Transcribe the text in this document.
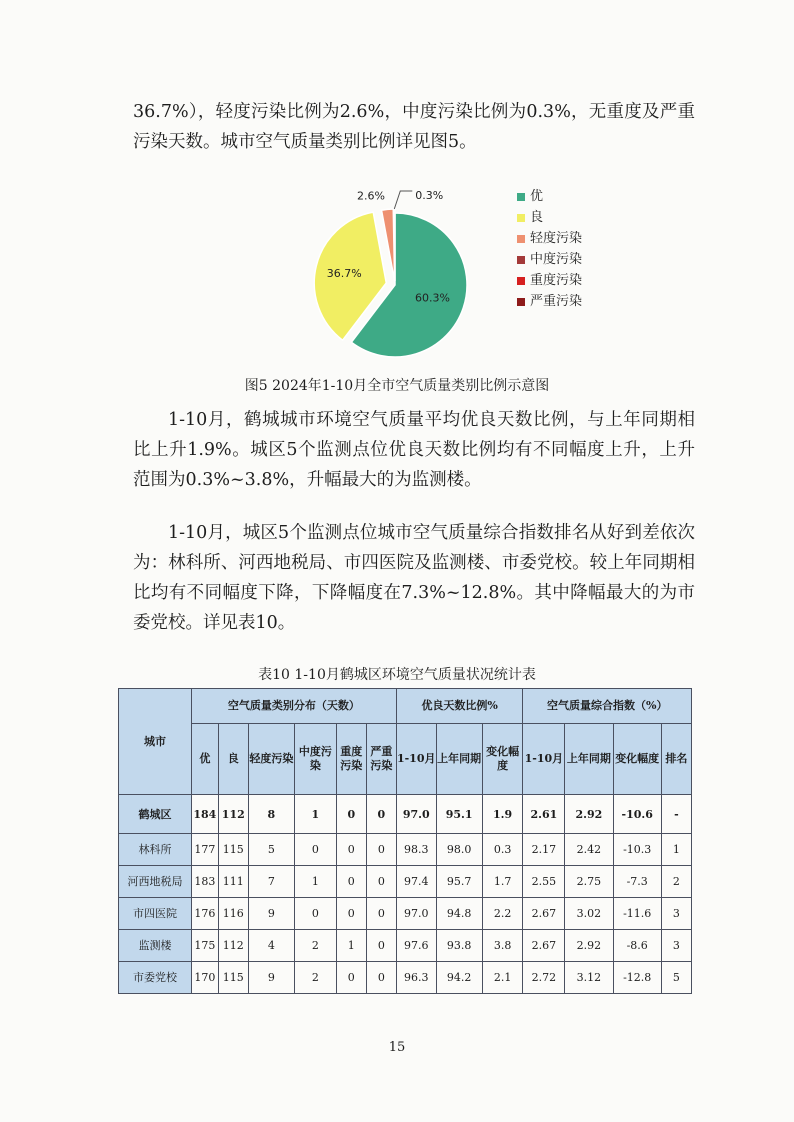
36.7%），轻度污染比例为2.6%，中度污染比例为0.3%，无重度及严重污染天数。城市空气质量类别比例详见图5。

60.3%
36.7%
2.6%	0.3%	优
良
轻度污染
中度污染
重度污染
严重污染

图5 2024年1-10月全市空气质量类别比例示意图

1-10月，鹤城城市环境空气质量平均优良天数比例，与上年同期相比上升1.9%。城区5个监测点位优良天数比例均有不同幅度上升，上升范围为0.3%~3.8%，升幅最大的为监测楼。

1-10月，城区5个监测点位城市空气质量综合指数排名从好到差依次为：林科所、河西地税局、市四医院及监测楼、市委党校。较上年同期相比均有不同幅度下降，下降幅度在7.3%~12.8%。其中降幅最大的为市委党校。详见表10。

表10 1-10月鹤城区环境空气质量状况统计表

城市	空气质量类别分布（天数）						优良天数比例%			空气质量综合指数（%）			
	优	良	轻度污染	中度污染	重度污染	严重污染	1-10月	上年同期	变化幅度	1-10月	上年同期	变化幅度	排名
鹤城区	184	112	8	1	0	0	97.0	95.1	1.9	2.61	2.92	-10.6	-
林科所	177	115	5	0	0	0	98.3	98.0	0.3	2.17	2.42	-10.3	1
河西地税局	183	111	7	1	0	0	97.4	95.7	1.7	2.55	2.75	-7.3	2
市四医院	176	116	9	0	0	0	97.0	94.8	2.2	2.67	3.02	-11.6	3
监测楼	175	112	4	2	1	0	97.6	93.8	3.8	2.67	2.92	-8.6	3
市委党校	170	115	9	2	0	0	96.3	94.2	2.1	2.72	3.12	-12.8	5

15
